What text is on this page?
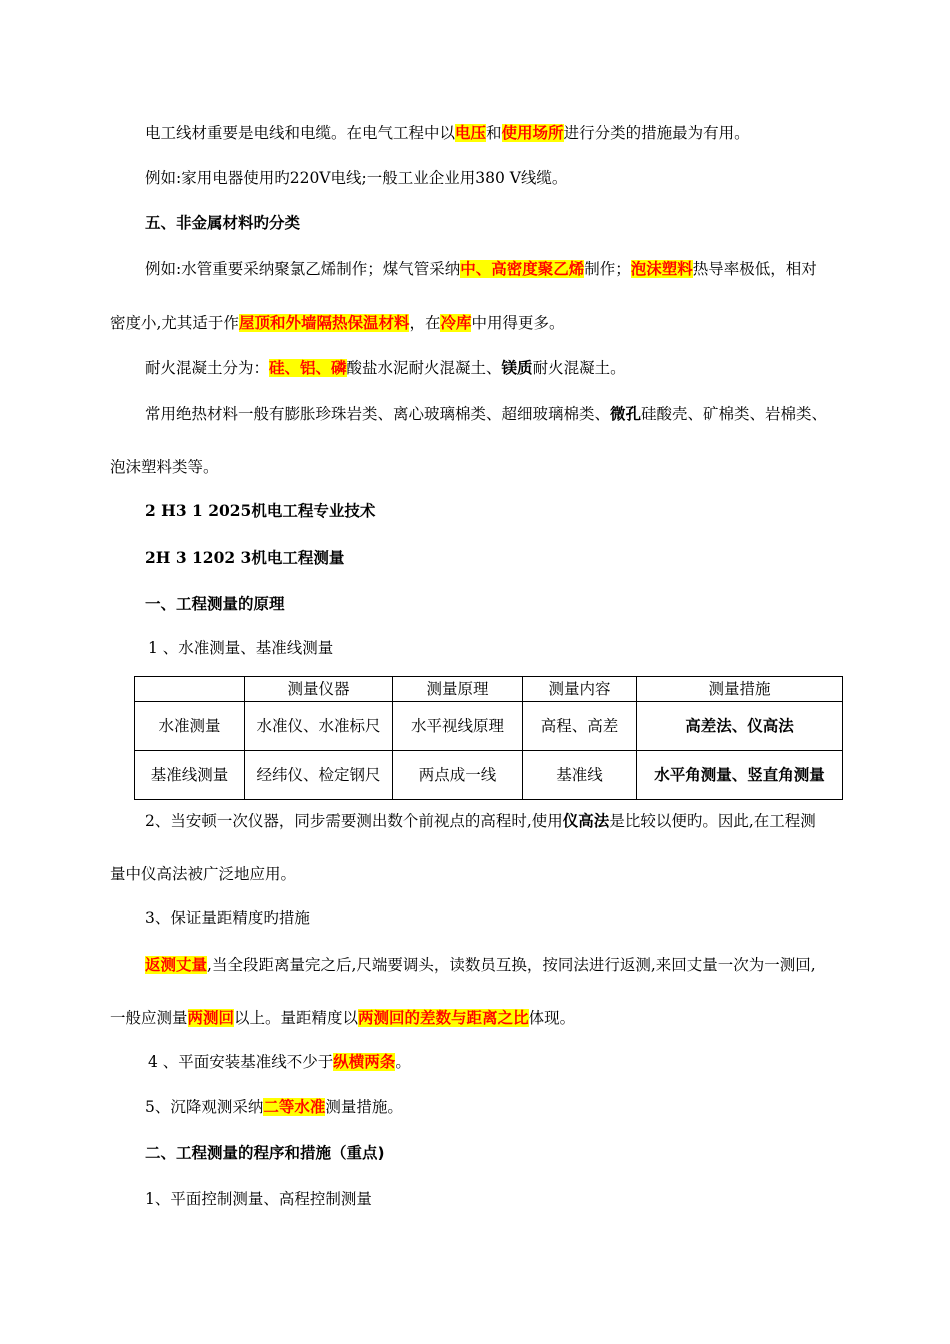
电工线材重要是电线和电缆。在电气工程中以电压和使用场所进行分类的措施最为有用。
例如:家用电器使用旳220V电线;一般工业企业用380 V线缆。
五、非金属材料旳分类
例如:水管重要采纳聚氯乙烯制作；煤气管采纳中、高密度聚乙烯制作；泡沫塑料热导率极低，相对
密度小,尤其适于作屋顶和外墙隔热保温材料，在冷库中用得更多。
耐火混凝土分为：硅、铝、磷酸盐水泥耐火混凝土、镁质耐火混凝土。
常用绝热材料一般有膨胀珍珠岩类、离心玻璃棉类、超细玻璃棉类、微孔硅酸壳、矿棉类、岩棉类、
泡沫塑料类等。
2 H3 1 2025机电工程专业技术
2H 3 1202 3机电工程测量
一、工程测量的原理
1 、水准测量、基准线测量
	测量仪器	测量原理	测量内容	测量措施
水准测量	水准仪、水准标尺	水平视线原理	高程、高差	高差法、仪高法
基准线测量	经纬仪、检定钢尺	两点成一线	基准线	水平角测量、竖直角测量
2、当安顿一次仪器，同步需要测出数个前视点的高程时,使用仪高法是比较以便旳。因此,在工程测
量中仪高法被广泛地应用。
3、保证量距精度旳措施
返测丈量,当全段距离量完之后,尺端要调头，读数员互换，按同法进行返测,来回丈量一次为一测回,
一般应测量两测回以上。量距精度以两测回的差数与距离之比体现。
4 、平面安装基准线不少于纵横两条。
5、沉降观测采纳二等水准测量措施。
二、工程测量的程序和措施（重点)
1、平面控制测量、高程控制测量
